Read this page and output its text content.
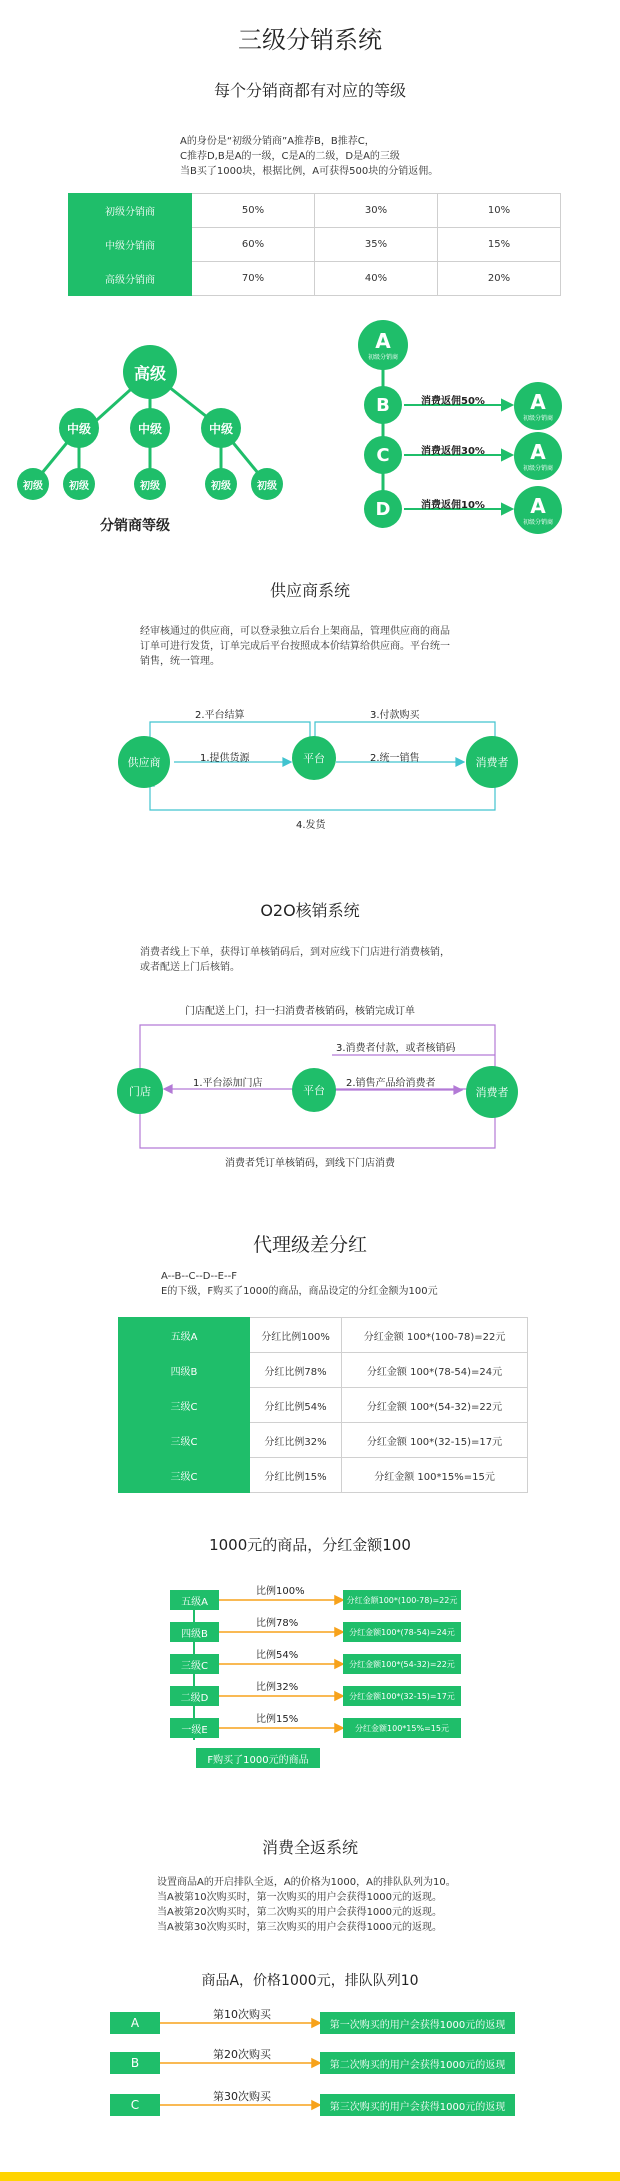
三级分销系统
每个分销商都有对应的等级
A的身份是“初级分销商”A推荐B，B推荐C，
C推荐D,B是A的一级，C是A的二级，D是A的三级
当B买了1000块，根据比例，A可获得500块的分销返佣。
初级分销商	50%	30%	10%
中级分销商	60%	35%	15%
高级分销商	70%	40%	20%
高级
中级	中级	中级
初级	初级	初级	初级	初级
分销商等级
A
初级分销商
B
C
D
消费返佣50%
消费返佣30%
消费返佣10%
A
初级分销商
A
初级分销商
A
初级分销商
供应商系统
经审核通过的供应商，可以登录独立后台上架商品，管理供应商的商品
订单可进行发货，订单完成后平台按照成本价结算给供应商。平台统一
销售，统一管理。
2.平台结算	3.付款购买
1.提供货源	2.统一销售
4.发货
供应商	平台	消费者
O2O核销系统
消费者线上下单，获得订单核销码后，到对应线下门店进行消费核销，
或者配送上门后核销。
门店配送上门，扫一扫消费者核销码，核销完成订单
3.消费者付款，或者核销码
1.平台添加门店	2.销售产品给消费者
消费者凭订单核销码，到线下门店消费
门店	平台	消费者
代理级差分红
A--B--C--D--E--F
E的下级，F购买了1000的商品，商品设定的分红金额为100元
五级A	分红比例100%	分红金额 100*(100-78)=22元
四级B	分红比例78%	分红金额 100*(78-54)=24元
三级C	分红比例54%	分红金额 100*(54-32)=22元
三级C	分红比例32%	分红金额 100*(32-15)=17元
三级C	分红比例15%	分红金额 100*15%=15元
1000元的商品，分红金额100
五级A
四级B
三级C
二级D
一级E
比例100%
比例78%
比例54%
比例32%
比例15%
分红金额100*(100-78)=22元
分红金额100*(78-54)=24元
分红金额100*(54-32)=22元
分红金额100*(32-15)=17元
分红金额100*15%=15元
F购买了1000元的商品
消费全返系统
设置商品A的开启排队全返，A的价格为1000，A的排队队列为10。
当A被第10次购买时，第一次购买的用户会获得1000元的返现。
当A被第20次购买时，第二次购买的用户会获得1000元的返现。
当A被第30次购买时，第三次购买的用户会获得1000元的返现。
商品A，价格1000元，排队队列10
A
B
C
第10次购买
第20次购买
第30次购买
第一次购买的用户会获得1000元的返现
第二次购买的用户会获得1000元的返现
第三次购买的用户会获得1000元的返现
